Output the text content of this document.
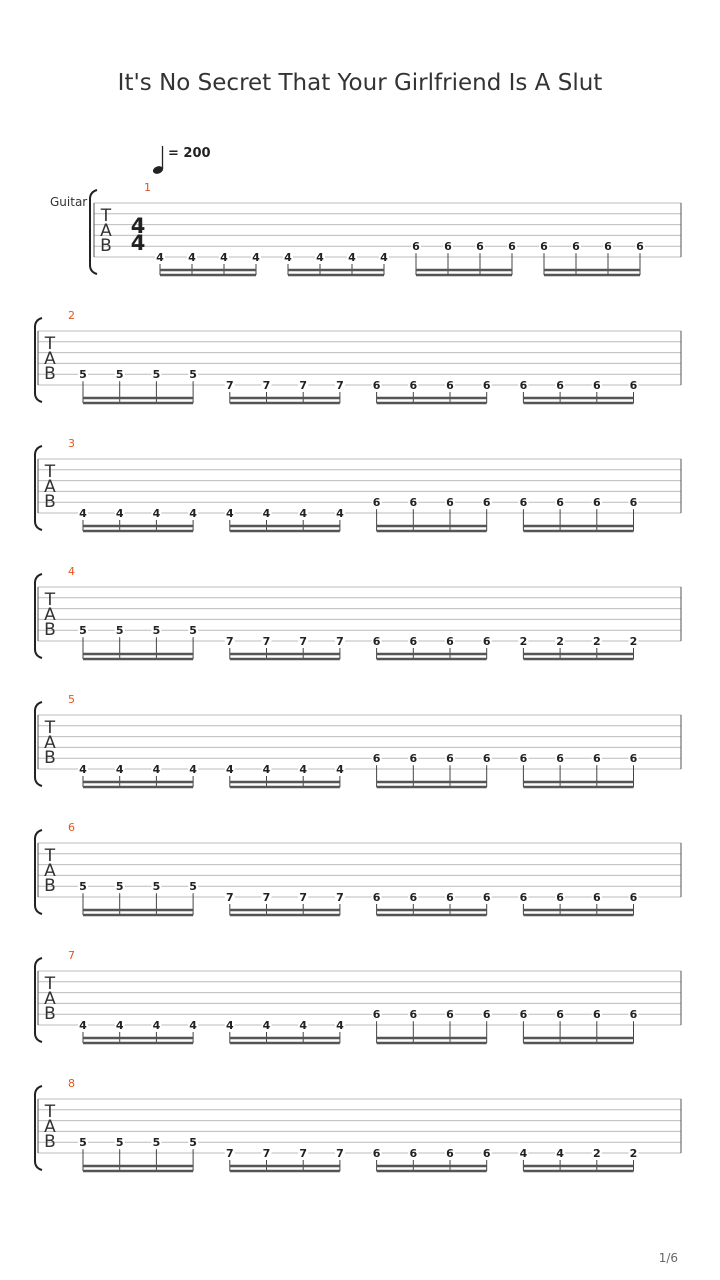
It's No Secret That Your Girlfriend Is A Slut
= 200
Guitar
T
A
B
4
4
1
4 4 4 4 4 4 4 4
6 6 6 6 6 6 6 6
T
A
B
2
5	5	5	5
7	7	7	7	6	6	6	6	6	6	6	6
T
A
B
3
4	4	4	4	4	4	4	4
6	6	6	6	6	6	6	6
T
A
B
4
5	5	5	5
7	7	7	7	6	6	6	6	2	2	2	2
T
A
B
5
4	4	4	4	4	4	4	4
6	6	6	6	6	6	6	6
T
A
B
6
5	5	5	5
7	7	7	7	6	6	6	6	6	6	6	6
T
A
B
7
4	4	4	4	4	4	4	4
6	6	6	6	6	6	6	6
T
A
B
8
5	5	5	5
7	7	7	7	6	6	6	6	4	4	2	2
1/6
